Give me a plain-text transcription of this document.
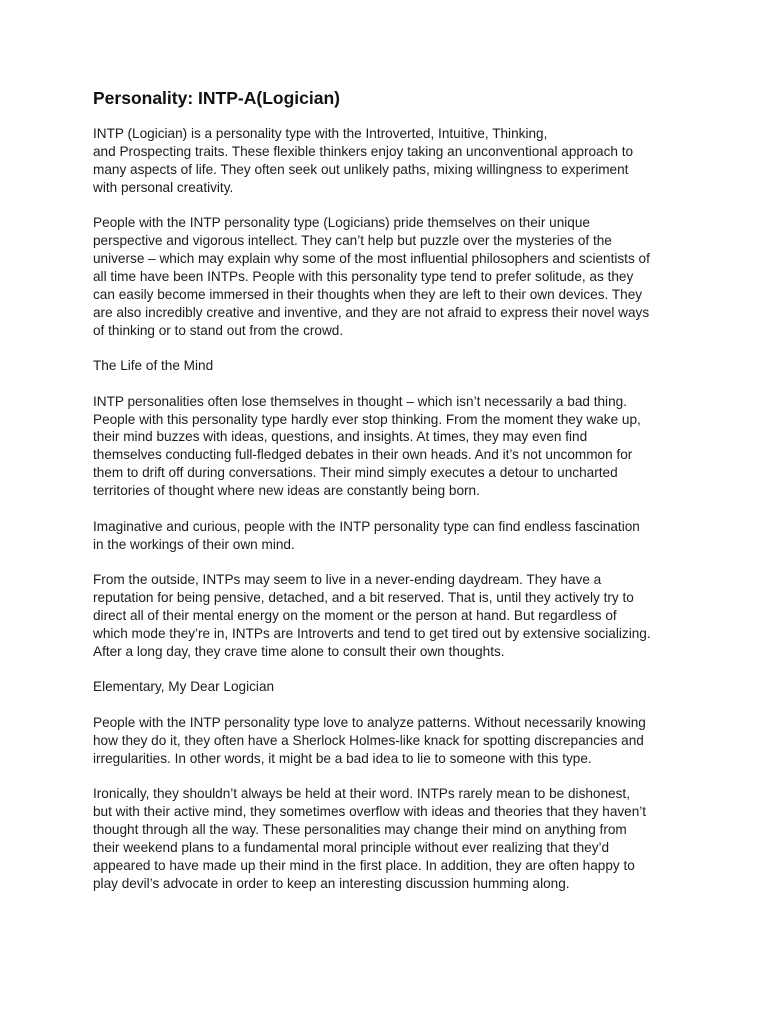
Personality: INTP-A(Logician)

INTP (Logician) is a personality type with the Introverted, Intuitive, Thinking,
and Prospecting traits. These flexible thinkers enjoy taking an unconventional approach to
many aspects of life. They often seek out unlikely paths, mixing willingness to experiment
with personal creativity.

People with the INTP personality type (Logicians) pride themselves on their unique
perspective and vigorous intellect. They can’t help but puzzle over the mysteries of the
universe – which may explain why some of the most influential philosophers and scientists of
all time have been INTPs. People with this personality type tend to prefer solitude, as they
can easily become immersed in their thoughts when they are left to their own devices. They
are also incredibly creative and inventive, and they are not afraid to express their novel ways
of thinking or to stand out from the crowd.

The Life of the Mind

INTP personalities often lose themselves in thought – which isn’t necessarily a bad thing.
People with this personality type hardly ever stop thinking. From the moment they wake up,
their mind buzzes with ideas, questions, and insights. At times, they may even find
themselves conducting full-fledged debates in their own heads. And it’s not uncommon for
them to drift off during conversations. Their mind simply executes a detour to uncharted
territories of thought where new ideas are constantly being born.

Imaginative and curious, people with the INTP personality type can find endless fascination
in the workings of their own mind.

From the outside, INTPs may seem to live in a never-ending daydream. They have a
reputation for being pensive, detached, and a bit reserved. That is, until they actively try to
direct all of their mental energy on the moment or the person at hand. But regardless of
which mode they’re in, INTPs are Introverts and tend to get tired out by extensive socializing.
After a long day, they crave time alone to consult their own thoughts.

Elementary, My Dear Logician

People with the INTP personality type love to analyze patterns. Without necessarily knowing
how they do it, they often have a Sherlock Holmes-like knack for spotting discrepancies and
irregularities. In other words, it might be a bad idea to lie to someone with this type.

Ironically, they shouldn’t always be held at their word. INTPs rarely mean to be dishonest,
but with their active mind, they sometimes overflow with ideas and theories that they haven’t
thought through all the way. These personalities may change their mind on anything from
their weekend plans to a fundamental moral principle without ever realizing that they’d
appeared to have made up their mind in the first place. In addition, they are often happy to
play devil’s advocate in order to keep an interesting discussion humming along.
